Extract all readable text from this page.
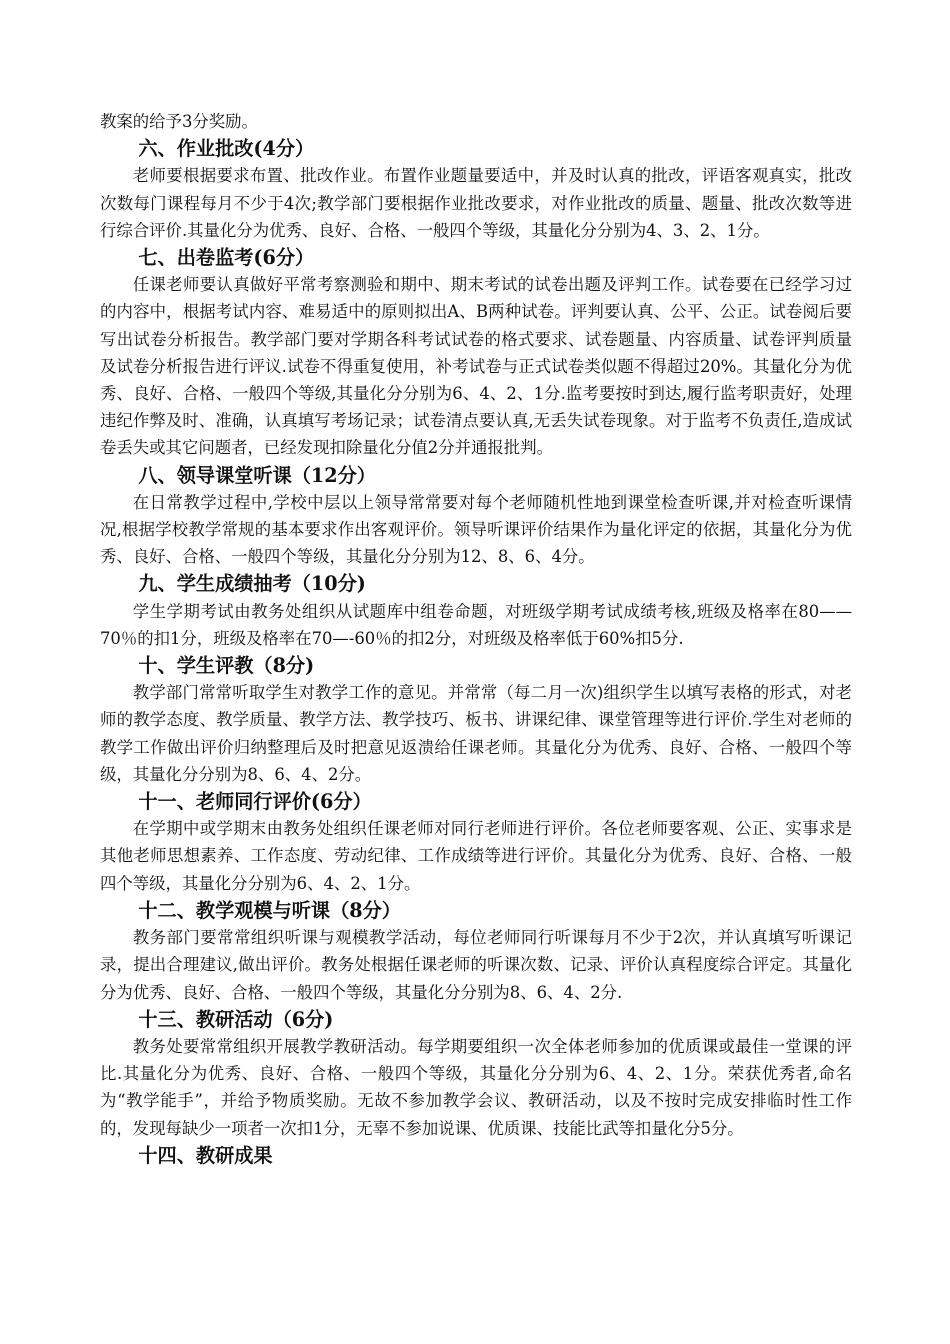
教案的给予3分奖励。

六、作业批改(4分）

老师要根据要求布置、批改作业。布置作业题量要适中，并及时认真的批改，评语客观真实，批改次数每门课程每月不少于4次;教学部门要根据作业批改要求，对作业批改的质量、题量、批改次数等进行综合评价.其量化分为优秀、良好、合格、一般四个等级，其量化分分别为4、3、2、1分。

七、出卷监考(6分）

任课老师要认真做好平常考察测验和期中、期末考试的试卷出题及评判工作。试卷要在已经学习过的内容中，根据考试内容、难易适中的原则拟出A、B两种试卷。评判要认真、公平、公正。试卷阅后要写出试卷分析报告。教学部门要对学期各科考试试卷的格式要求、试卷题量、内容质量、试卷评判质量及试卷分析报告进行评议.试卷不得重复使用，补考试卷与正式试卷类似题不得超过20%。其量化分为优秀、良好、合格、一般四个等级,其量化分分别为6、4、2、1分.监考要按时到达,履行监考职责好，处理违纪作弊及时、准确，认真填写考场记录；试卷清点要认真,无丢失试卷现象。对于监考不负责任,造成试卷丢失或其它问题者，已经发现扣除量化分值2分并通报批判。

八、领导课堂听课（12分）

在日常教学过程中,学校中层以上领导常常要对每个老师随机性地到课堂检查听课,并对检查听课情况,根据学校教学常规的基本要求作出客观评价。领导听课评价结果作为量化评定的依据，其量化分为优秀、良好、合格、一般四个等级，其量化分分别为12、8、6、4分。

九、学生成绩抽考（10分)

学生学期考试由教务处组织从试题库中组卷命题，对班级学期考试成绩考核,班级及格率在80——70％的扣1分，班级及格率在70—-60％的扣2分，对班级及格率低于60%扣5分.

十、学生评教（8分)

教学部门常常听取学生对教学工作的意见。并常常（每二月一次)组织学生以填写表格的形式，对老师的教学态度、教学质量、教学方法、教学技巧、板书、讲课纪律、课堂管理等进行评价.学生对老师的教学工作做出评价归纳整理后及时把意见返溃给任课老师。其量化分为优秀、良好、合格、一般四个等级，其量化分分别为8、6、4、2分。

十一、老师同行评价(6分）

在学期中或学期末由教务处组织任课老师对同行老师进行评价。各位老师要客观、公正、实事求是其他老师思想素养、工作态度、劳动纪律、工作成绩等进行评价。其量化分为优秀、良好、合格、一般四个等级，其量化分分别为6、4、2、1分。

十二、教学观模与听课（8分）

教务部门要常常组织听课与观模教学活动，每位老师同行听课每月不少于2次，并认真填写听课记录，提出合理建议,做出评价。教务处根据任课老师的听课次数、记录、评价认真程度综合评定。其量化分为优秀、良好、合格、一般四个等级，其量化分分别为8、6、4、2分.

十三、教研活动（6分)

教务处要常常组织开展教学教研活动。每学期要组织一次全体老师参加的优质课或最佳一堂课的评比.其量化分为优秀、良好、合格、一般四个等级，其量化分分别为6、4、2、1分。荣获优秀者,命名为“教学能手”，并给予物质奖励。无故不参加教学会议、教研活动，以及不按时完成安排临时性工作的，发现每缺少一项者一次扣1分，无辜不参加说课、优质课、技能比武等扣量化分5分。

十四、教研成果
